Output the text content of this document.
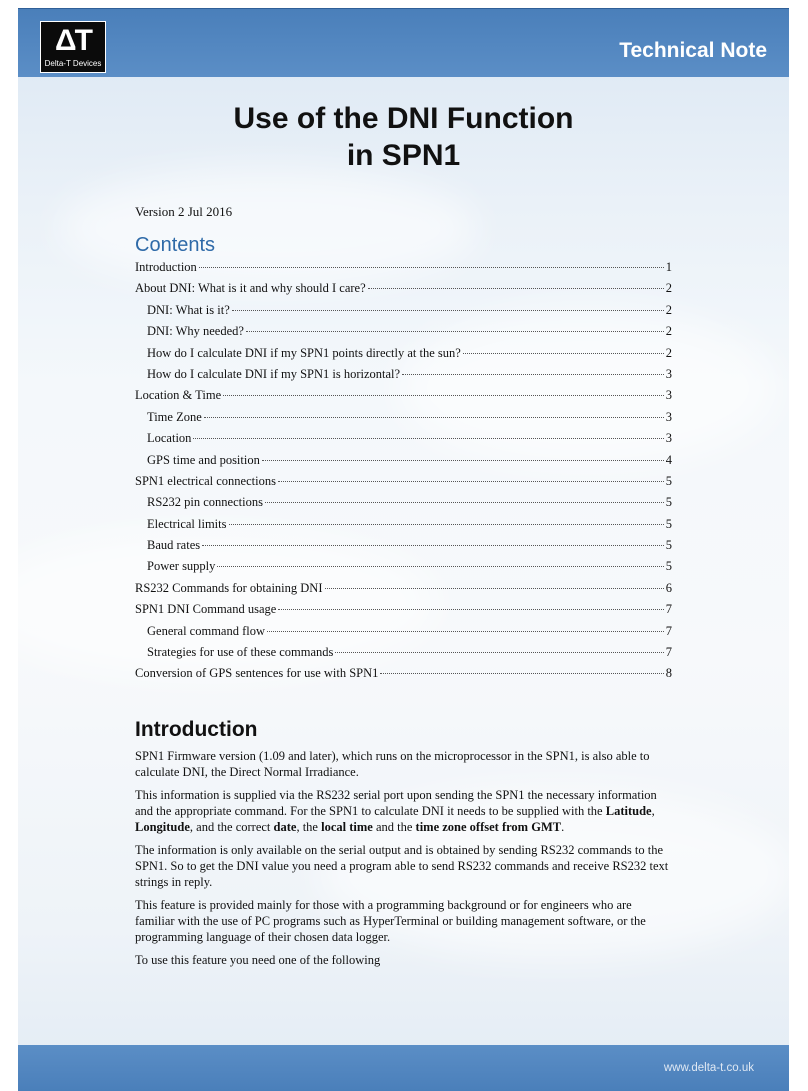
ΔT
Delta-T Devices
Technical Note
Use of the DNI Function
in SPN1
Version 2 Jul 2016
Contents
Introduction	1
About DNI: What is it and why should I care?	2
DNI: What is it?	2
DNI: Why needed?	2
How do I calculate DNI if my SPN1 points directly at the sun?	2
How do I calculate DNI if my SPN1 is horizontal?	3
Location & Time	3
Time Zone	3
Location	3
GPS time and position	4
SPN1 electrical connections	5
RS232 pin connections	5
Electrical limits	5
Baud rates	5
Power supply	5
RS232 Commands for obtaining DNI	6
SPN1 DNI Command usage	7
General command flow	7
Strategies for use of these commands	7
Conversion of GPS sentences for use with SPN1	8
Introduction

SPN1 Firmware version (1.09 and later), which runs on the microprocessor in the SPN1, is also able to calculate DNI, the Direct Normal Irradiance.

This information is supplied via the RS232 serial port upon sending the SPN1 the necessary information and the appropriate command. For the SPN1 to calculate DNI it needs to be supplied with the Latitude, Longitude, and the correct date, the local time and the time zone offset from GMT.

The information is only available on the serial output and is obtained by sending RS232 commands to the SPN1. So to get the DNI value you need a program able to send RS232 commands and receive RS232 text strings in reply.

This feature is provided mainly for those with a programming background or for engineers who are familiar with the use of PC programs such as HyperTerminal or building management software, or the programming language of their chosen data logger.

To use this feature you need one of the following

www.delta-t.co.uk
